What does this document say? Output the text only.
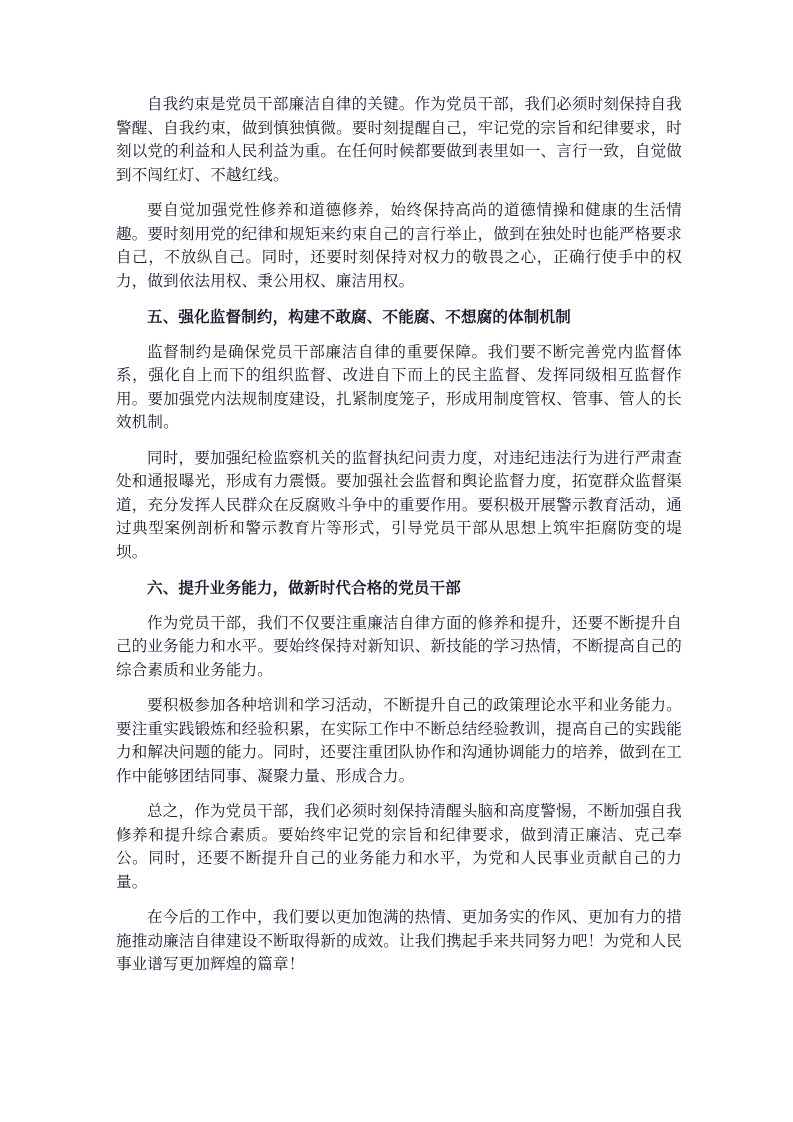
自我约束是党员干部廉洁自律的关键。作为党员干部，我们必须时刻保持自我警醒、自我约束，做到慎独慎微。要时刻提醒自己，牢记党的宗旨和纪律要求，时刻以党的利益和人民利益为重。在任何时候都要做到表里如一、言行一致，自觉做到不闯红灯、不越红线。

要自觉加强党性修养和道德修养，始终保持高尚的道德情操和健康的生活情趣。要时刻用党的纪律和规矩来约束自己的言行举止，做到在独处时也能严格要求自己，不放纵自己。同时，还要时刻保持对权力的敬畏之心，正确行使手中的权力，做到依法用权、秉公用权、廉洁用权。

五、强化监督制约，构建不敢腐、不能腐、不想腐的体制机制

监督制约是确保党员干部廉洁自律的重要保障。我们要不断完善党内监督体系，强化自上而下的组织监督、改进自下而上的民主监督、发挥同级相互监督作用。要加强党内法规制度建设，扎紧制度笼子，形成用制度管权、管事、管人的长效机制。

同时，要加强纪检监察机关的监督执纪问责力度，对违纪违法行为进行严肃查处和通报曝光，形成有力震慑。要加强社会监督和舆论监督力度，拓宽群众监督渠道，充分发挥人民群众在反腐败斗争中的重要作用。要积极开展警示教育活动，通过典型案例剖析和警示教育片等形式，引导党员干部从思想上筑牢拒腐防变的堤坝。

六、提升业务能力，做新时代合格的党员干部

作为党员干部，我们不仅要注重廉洁自律方面的修养和提升，还要不断提升自己的业务能力和水平。要始终保持对新知识、新技能的学习热情，不断提高自己的综合素质和业务能力。

要积极参加各种培训和学习活动，不断提升自己的政策理论水平和业务能力。要注重实践锻炼和经验积累，在实际工作中不断总结经验教训，提高自己的实践能力和解决问题的能力。同时，还要注重团队协作和沟通协调能力的培养，做到在工作中能够团结同事、凝聚力量、形成合力。

总之，作为党员干部，我们必须时刻保持清醒头脑和高度警惕，不断加强自我修养和提升综合素质。要始终牢记党的宗旨和纪律要求，做到清正廉洁、克己奉公。同时，还要不断提升自己的业务能力和水平，为党和人民事业贡献自己的力量。

在今后的工作中，我们要以更加饱满的热情、更加务实的作风、更加有力的措施推动廉洁自律建设不断取得新的成效。让我们携起手来共同努力吧！为党和人民事业谱写更加辉煌的篇章！
